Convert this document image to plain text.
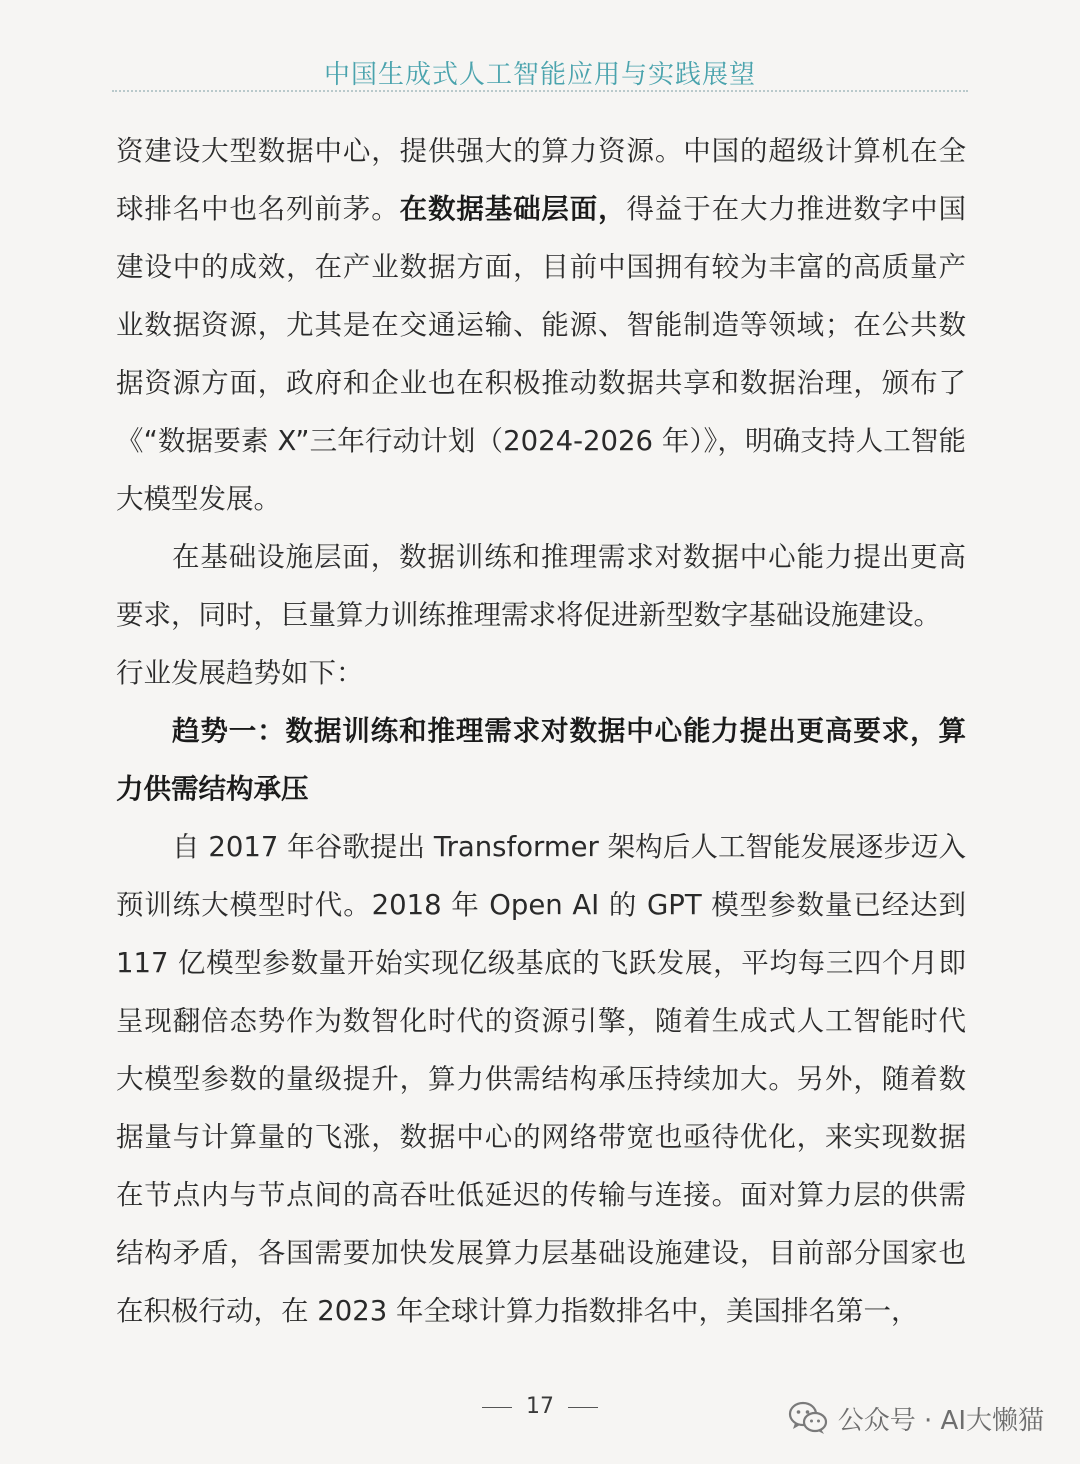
中国生成式人工智能应用与实践展望

资建设大型数据中心，提供强大的算力资源。中国的超级计算机在全球排名中也名列前茅。在数据基础层面，得益于在大力推进数字中国建设中的成效，在产业数据方面，目前中国拥有较为丰富的高质量产业数据资源，尤其是在交通运输、能源、智能制造等领域；在公共数据资源方面，政府和企业也在积极推动数据共享和数据治理，颁布了《“数据要素 X”三年行动计划（2024-2026 年）》，明确支持人工智能大模型发展。

在基础设施层面，数据训练和推理需求对数据中心能力提出更高要求，同时，巨量算力训练推理需求将促进新型数字基础设施建设。

行业发展趋势如下：

趋势一：数据训练和推理需求对数据中心能力提出更高要求，算力供需结构承压

自 2017 年谷歌提出 Transformer 架构后人工智能发展逐步迈入预训练大模型时代。2018 年 Open AI 的 GPT 模型参数量已经达到 117 亿模型参数量开始实现亿级基底的飞跃发展，平均每三四个月即呈现翻倍态势作为数智化时代的资源引擎，随着生成式人工智能时代大模型参数的量级提升，算力供需结构承压持续加大。另外，随着数据量与计算量的飞涨，数据中心的网络带宽也亟待优化，来实现数据在节点内与节点间的高吞吐低延迟的传输与连接。面对算力层的供需结构矛盾，各国需要加快发展算力层基础设施建设，目前部分国家也在积极行动，在 2023 年全球计算力指数排名中，美国排名第一，

17	公众号 · AI大懒猫
